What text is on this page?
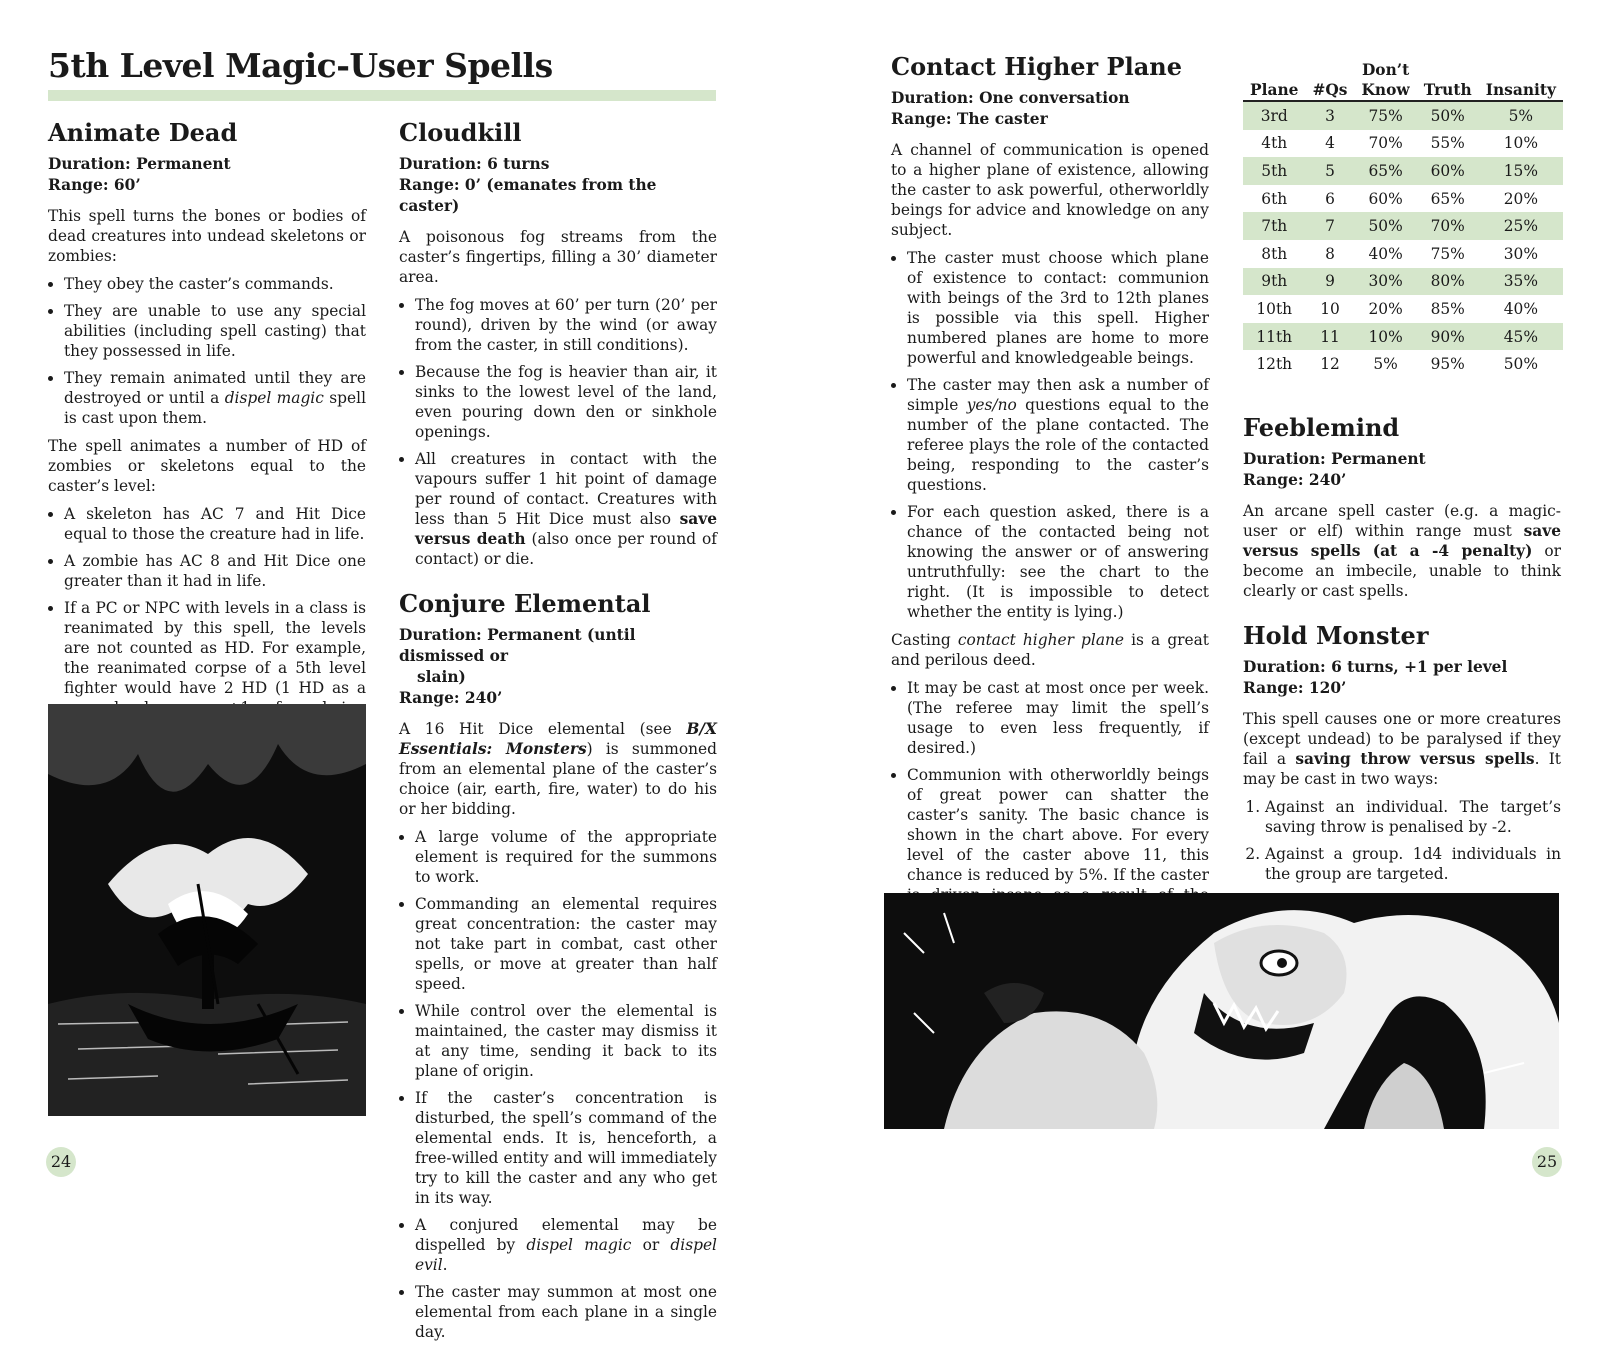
5th Level Magic-User Spells
Animate Dead
Duration: Permanent
Range: 60’

This spell turns the bones or bodies of dead creatures into undead skeletons or zombies:

• They obey the caster’s commands.
• They are unable to use any special abilities (including spell casting) that they possessed in life.
• They remain animated until they are destroyed or until a dispel magic spell is cast upon them.

The spell animates a number of HD of zombies or skeletons equal to the caster’s level:

• A skeleton has AC 7 and Hit Dice equal to those the creature had in life.
• A zombie has AC 8 and Hit Dice one greater than it had in life.
• If a PC or NPC with levels in a class is reanimated by this spell, the levels are not counted as HD. For example, the reanimated corpse of a 5th level fighter would have 2 HD (1 HD as a
Cloudkill
Duration: 6 turns
Range: 0’ (emanates from the caster)

A poisonous fog streams from the caster’s fingertips, filling a 30’ diameter area.

• The fog moves at 60’ per turn (20’ per round), driven by the wind (or away from the caster, in still conditions).
• Because the fog is heavier than air, it sinks to the lowest level of the land, even pouring down den or sinkhole openings.
• All creatures in contact with the vapours suffer 1 hit point of damage per round of contact. Creatures with less than 5 Hit Dice must also save versus death (also once per round of contact) or die.
Conjure Elemental
Duration: Permanent (until dismissed or
slain)
Range: 240’

A 16 Hit Dice elemental (see B/X Essentials: Monsters) is summoned from an elemental plane of the caster’s choice (air, earth, fire, water) to do his or her bidding.

• A large volume of the appropriate element is required for the summons to work.
• Commanding an elemental requires great concentration: the caster may not take part in combat, cast other spells, or move at greater than half speed.
• While control over the elemental is maintained, the caster may dismiss it at any time, sending it back to its plane of origin.
• If the caster’s concentration is disturbed, the spell’s command of the elemental ends. It is, henceforth, a free-willed entity and will immediately try to kill the caster and any who get in its way.
• A conjured elemental may be dispelled by dispel magic or dispel evil.
• The caster may summon at most one elemental from each plane in a single day.
24
Contact Higher Plane
Duration: One conversation
Range: The caster

A channel of communication is opened to a higher plane of existence, allowing the caster to ask powerful, otherworldly beings for advice and knowledge on any subject.

• The caster must choose which plane of existence to contact: communion with beings of the 3rd to 12th planes is possible via this spell. Higher numbered planes are home to more powerful and knowledgeable beings.
• The caster may then ask a number of simple yes/no questions equal to the number of the plane contacted. The referee plays the role of the contacted being, responding to the caster’s questions.
• For each question asked, there is a chance of the contacted being not knowing the answer or of answering untruthfully: see the chart to the right. (It is impossible to detect whether the entity is lying.)

Casting contact higher plane is a great and perilous deed.

• It may be cast at most once per week. (The referee may limit the spell’s usage to even less frequently, if desired.)
• Communion with otherworldly beings of great power can shatter the caster’s sanity. The basic chance is shown in the chart above. For every level of the caster above 11, this chance is reduced by 5%. If the caster
		Don’t		
Plane	#Qs	Know	Truth	Insanity
3rd	3	75%	50%	5%
4th	4	70%	55%	10%
5th	5	65%	60%	15%
6th	6	60%	65%	20%
7th	7	50%	70%	25%
8th	8	40%	75%	30%
9th	9	30%	80%	35%
10th	10	20%	85%	40%
11th	11	10%	90%	45%
12th	12	5%	95%	50%
Feeblemind
Duration: Permanent
Range: 240’

An arcane spell caster (e.g. a magic-user or elf) within range must save versus spells (at a -4 penalty) or become an imbecile, unable to think clearly or cast spells.

Hold Monster
Duration: 6 turns, +1 per level
Range: 120’

This spell causes one or more creatures (except undead) to be paralysed if they fail a saving throw versus spells. It may be cast in two ways:

1. Against an individual. The target’s saving throw is penalised by -2.
2. Against a group. 1d4 individuals in the group are targeted.
25
